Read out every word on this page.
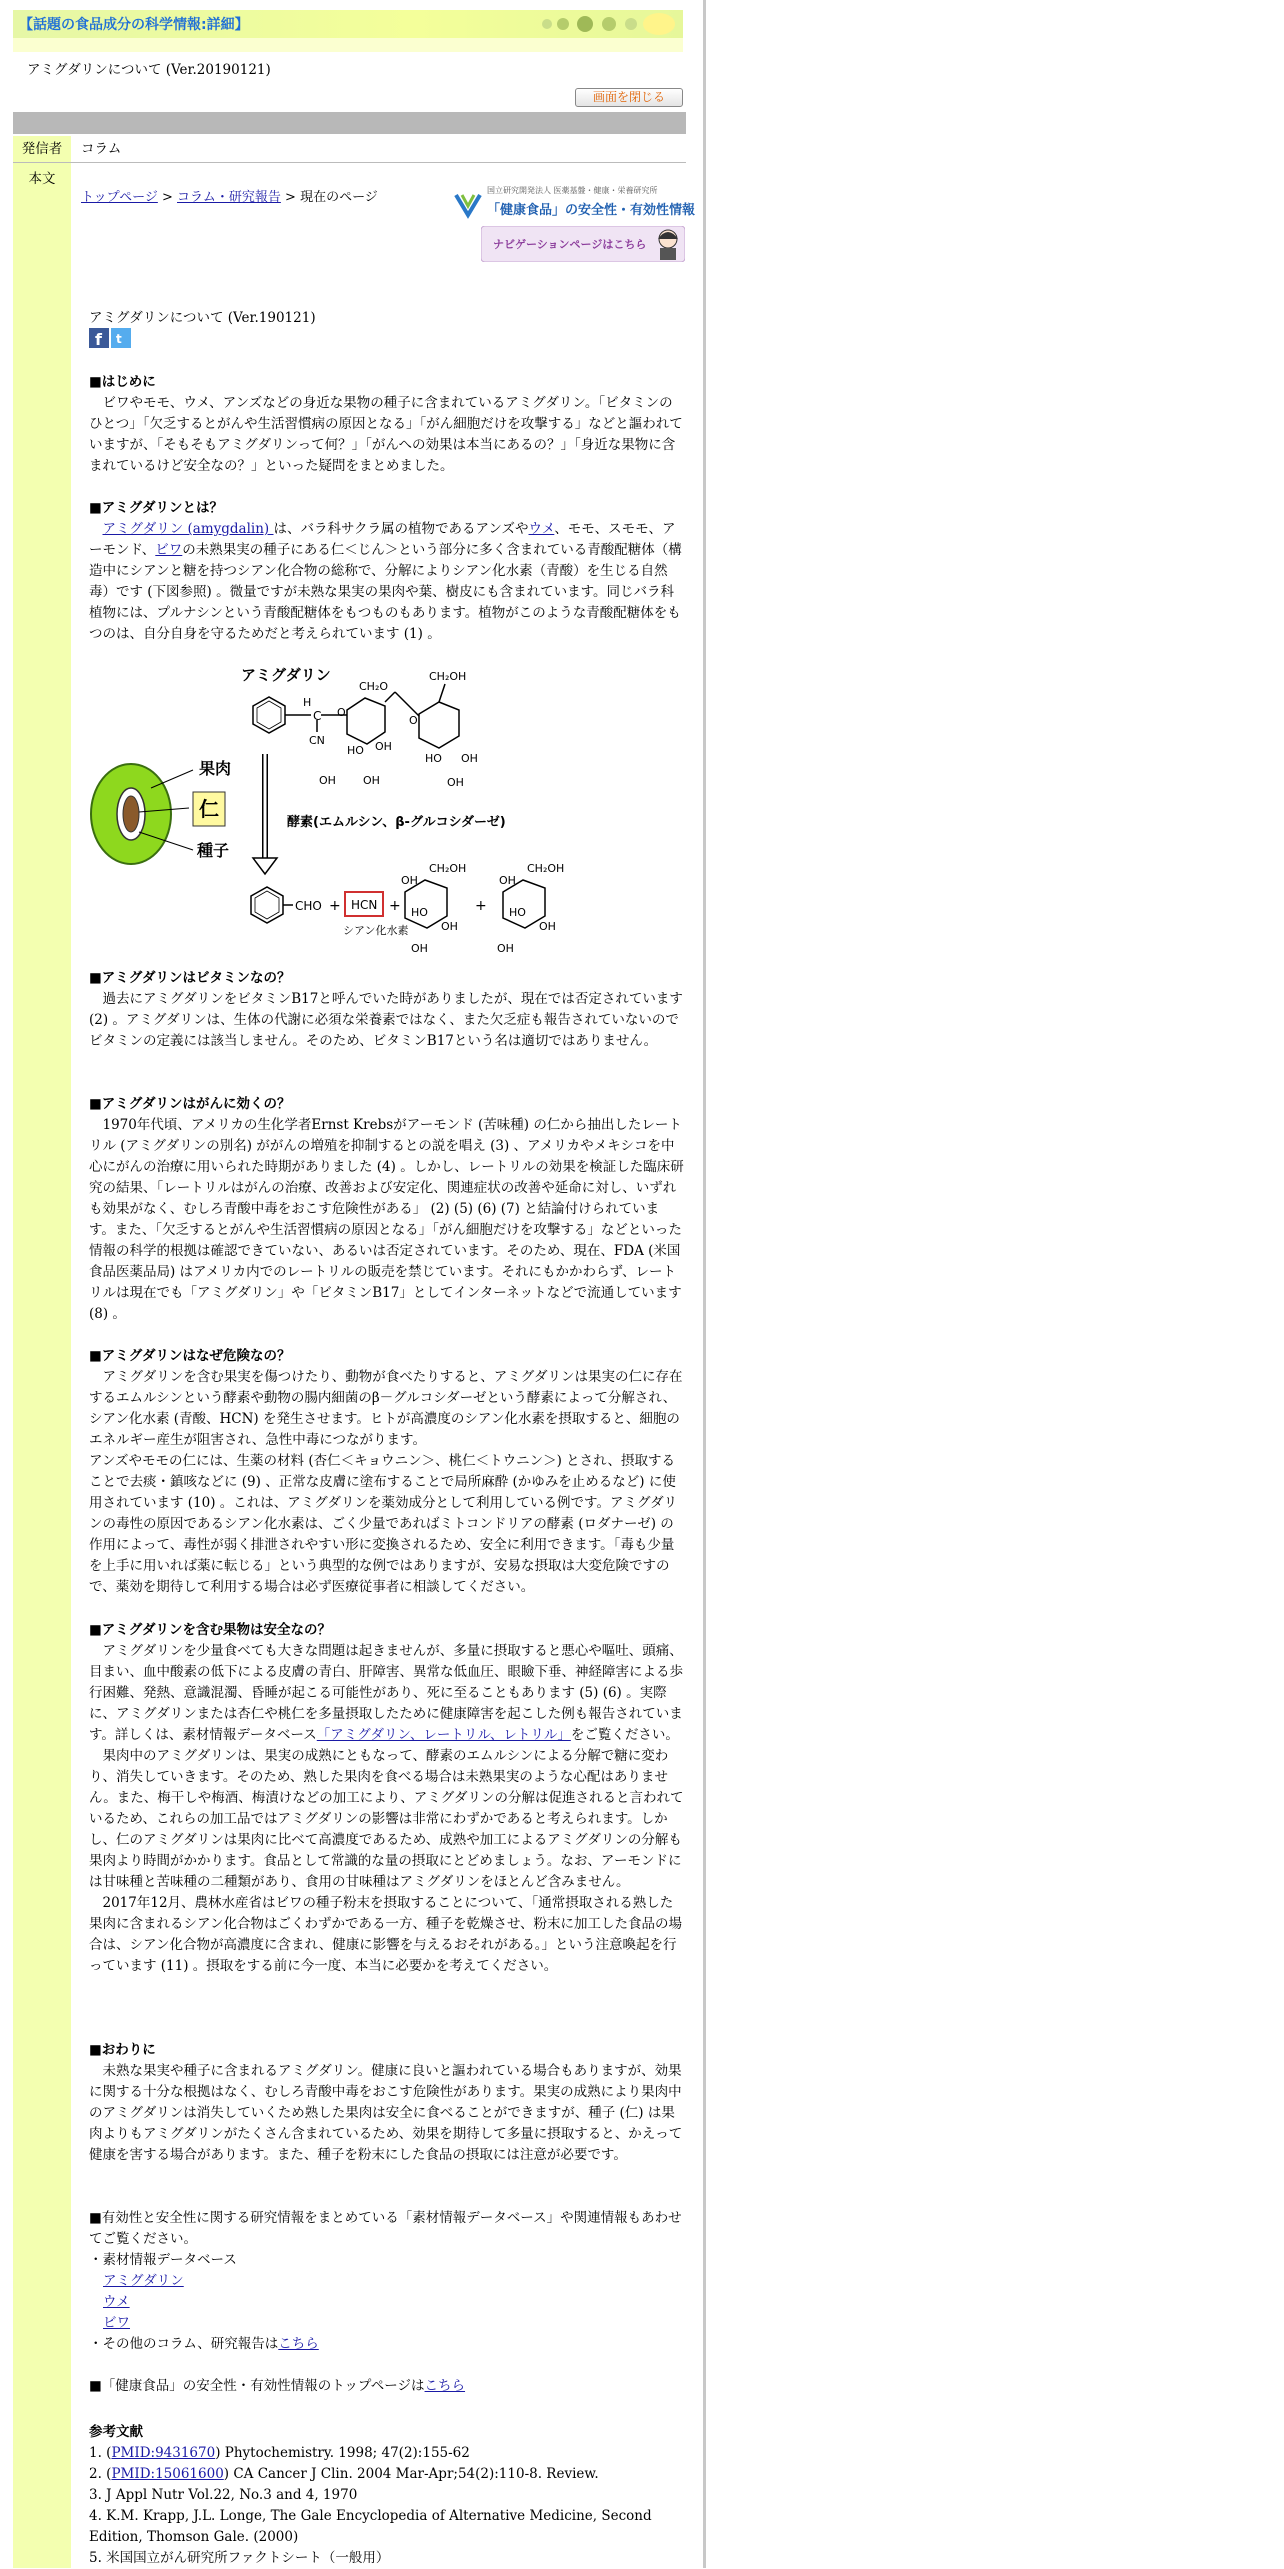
【話題の食品成分の科学情報:詳細】
アミグダリンについて (Ver.20190121)
画面を閉じる
発信者	コラム
本文
トップページ > コラム・研究報告 > 現在のページ	国立研究開発法人 医薬基盤・健康・栄養研究所
「健康食品」の安全性・有効性情報
ナビゲーションページはこちら
アミグダリンについて (Ver.190121)
f t
■はじめに
ビワやモモ、ウメ、アンズなどの身近な果物の種子に含まれているアミグダリン。「ビタミンのひとつ」「欠乏するとがんや生活習慣病の原因となる」「がん細胞だけを攻撃する」などと謳われていますが、「そもそもアミグダリンって何？」「がんへの効果は本当にあるの？」「身近な果物に含まれているけど安全なの？」といった疑問をまとめました。
■アミグダリンとは？
アミグダリン (amygdalin) は、バラ科サクラ属の植物であるアンズやウメ、モモ、スモモ、アーモンド、ビワの未熟果実の種子にある仁＜じん＞という部分に多く含まれている青酸配糖体（構造中にシアンと糖を持つシアン化合物の総称で、分解によりシアン化水素（青酸）を生じる自然毒）です (下図参照) 。微量ですが未熟な果実の果肉や葉、樹皮にも含まれています。同じバラ科植物には、プルナシンという青酸配糖体をもつものもあります。植物がこのような青酸配糖体をもつのは、自分自身を守るためだと考えられています (1) 。
アミグダリン
果肉
仁
種子
H
C
CN
CH₂O
CH₂OH
O
HO OH
OH
OH
O
HO OH
OH
酵素(エムルシン、β-グルコシダーゼ)
CHO + HCN
シアン化水素
+
OH
CH₂OH
HO
OH
OH
+
OH
CH₂OH
HO
OH
OH
■アミグダリンはビタミンなの？
過去にアミグダリンをビタミンB17と呼んでいた時がありましたが、現在では否定されています (2) 。アミグダリンは、生体の代謝に必須な栄養素ではなく、また欠乏症も報告されていないのでビタミンの定義には該当しません。そのため、ビタミンB17という名は適切ではありません。
■アミグダリンはがんに効くの？
1970年代頃、アメリカの生化学者Ernst Krebsがアーモンド (苦味種) の仁から抽出したレートリル (アミグダリンの別名) ががんの増殖を抑制するとの説を唱え (3) 、アメリカやメキシコを中心にがんの治療に用いられた時期がありました (4) 。しかし、レートリルの効果を検証した臨床研究の結果、「レートリルはがんの治療、改善および安定化、関連症状の改善や延命に対し、いずれも効果がなく、むしろ青酸中毒をおこす危険性がある」 (2) (5) (6) (7) と結論付けられています。また、「欠乏するとがんや生活習慣病の原因となる」「がん細胞だけを攻撃する」などといった情報の科学的根拠は確認できていない、あるいは否定されています。そのため、現在、FDA (米国食品医薬品局) はアメリカ内でのレートリルの販売を禁じています。それにもかかわらず、レートリルは現在でも「アミグダリン」や「ビタミンB17」としてインターネットなどで流通しています (8) 。
■アミグダリンはなぜ危険なの？
アミグダリンを含む果実を傷つけたり、動物が食べたりすると、アミグダリンは果実の仁に存在するエムルシンという酵素や動物の腸内細菌のβ－グルコシダーゼという酵素によって分解され、シアン化水素 (青酸、HCN) を発生させます。ヒトが高濃度のシアン化水素を摂取すると、細胞のエネルギー産生が阻害され、急性中毒につながります。
アンズやモモの仁には、生薬の材料 (杏仁＜キョウニン＞、桃仁＜トウニン＞) とされ、摂取することで去痰・鎮咳などに (9) 、正常な皮膚に塗布することで局所麻酔 (かゆみを止めるなど) に使用されています (10) 。これは、アミグダリンを薬効成分として利用している例です。アミグダリンの毒性の原因であるシアン化水素は、ごく少量であればミトコンドリアの酵素 (ロダナーゼ) の作用によって、毒性が弱く排泄されやすい形に変換されるため、安全に利用できます。「毒も少量を上手に用いれば薬に転じる」という典型的な例ではありますが、安易な摂取は大変危険ですので、薬効を期待して利用する場合は必ず医療従事者に相談してください。
■アミグダリンを含む果物は安全なの？
アミグダリンを少量食べても大きな問題は起きませんが、多量に摂取すると悪心や嘔吐、頭痛、目まい、血中酸素の低下による皮膚の青白、肝障害、異常な低血圧、眼瞼下垂、神経障害による歩行困難、発熱、意識混濁、昏睡が起こる可能性があり、死に至ることもあります (5) (6) 。実際に、アミグダリンまたは杏仁や桃仁を多量摂取したために健康障害を起こした例も報告されています。詳しくは、素材情報データベース「アミグダリン、レートリル、レトリル」をご覧ください。
果肉中のアミグダリンは、果実の成熟にともなって、酵素のエムルシンによる分解で糖に変わり、消失していきます。そのため、熟した果肉を食べる場合は未熟果実のような心配はありません。また、梅干しや梅酒、梅漬けなどの加工により、アミグダリンの分解は促進されると言われているため、これらの加工品ではアミグダリンの影響は非常にわずかであると考えられます。しかし、仁のアミグダリンは果肉に比べて高濃度であるため、成熟や加工によるアミグダリンの分解も果肉より時間がかかります。食品として常識的な量の摂取にとどめましょう。なお、アーモンドには甘味種と苦味種の二種類があり、食用の甘味種はアミグダリンをほとんど含みません。
2017年12月、農林水産省はビワの種子粉末を摂取することについて、「通常摂取される熟した果肉に含まれるシアン化合物はごくわずかである一方、種子を乾燥させ、粉末に加工した食品の場合は、シアン化合物が高濃度に含まれ、健康に影響を与えるおそれがある。」という注意喚起を行っています (11) 。摂取をする前に今一度、本当に必要かを考えてください。
■おわりに
未熟な果実や種子に含まれるアミグダリン。健康に良いと謳われている場合もありますが、効果に関する十分な根拠はなく、むしろ青酸中毒をおこす危険性があります。果実の成熟により果肉中のアミグダリンは消失していくため熟した果肉は安全に食べることができますが、種子 (仁) は果肉よりもアミグダリンがたくさん含まれているため、効果を期待して多量に摂取すると、かえって健康を害する場合があります。また、種子を粉末にした食品の摂取には注意が必要です。
■有効性と安全性に関する研究情報をまとめている「素材情報データベース」や関連情報もあわせてご覧ください。
・素材情報データベース
アミグダリン
ウメ
ビワ
・その他のコラム、研究報告はこちら
■「健康食品」の安全性・有効性情報のトップページはこちら
参考文献
1. (PMID:9431670) Phytochemistry. 1998; 47(2):155-62
2. (PMID:15061600) CA Cancer J Clin. 2004 Mar-Apr;54(2):110-8. Review.
3. J Appl Nutr Vol.22, No.3 and 4, 1970
4. K.M. Krapp, J.L. Longe, The Gale Encyclopedia of Alternative Medicine, Second Edition, Thomson Gale. (2000)
5. 米国国立がん研究所ファクトシート（一般用）
